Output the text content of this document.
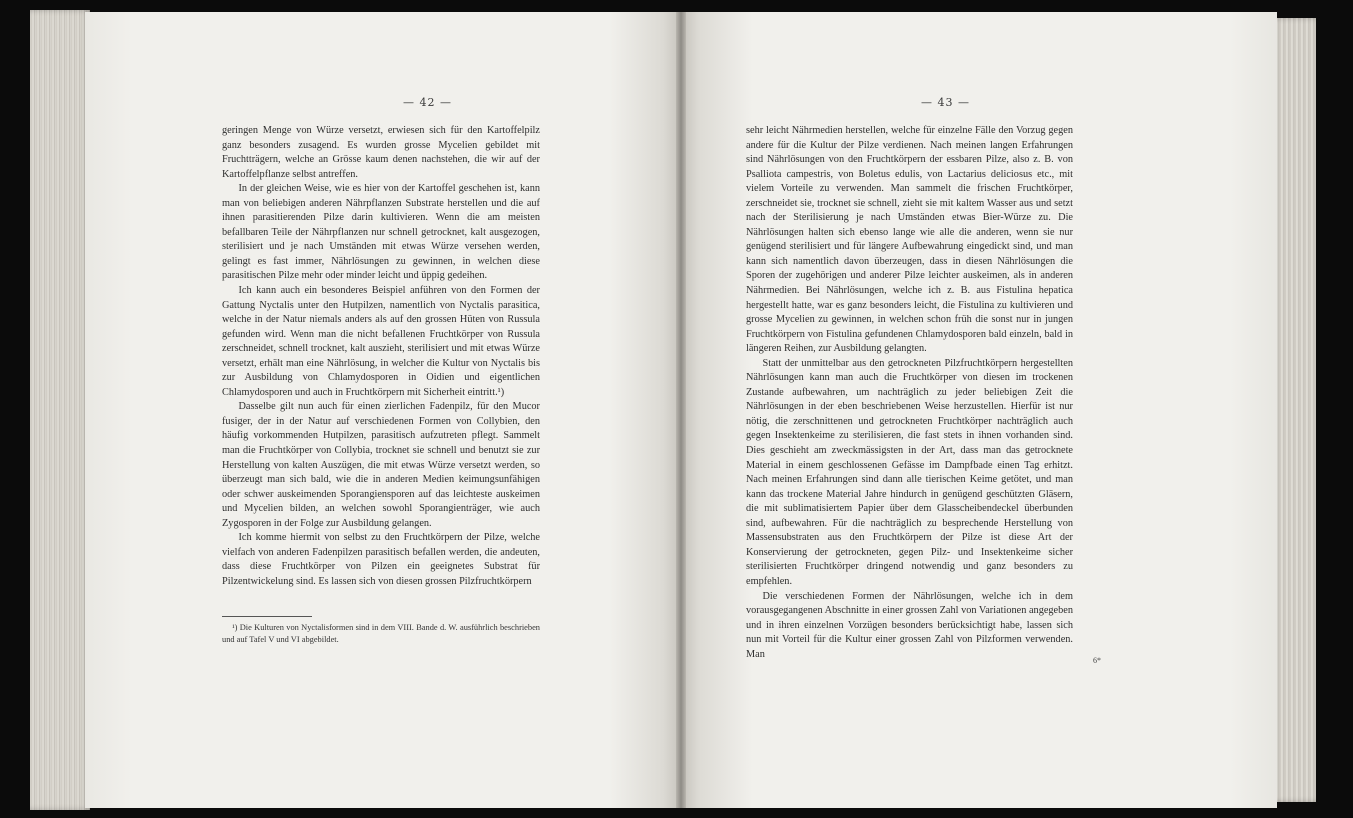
— 42 —

geringen Menge von Würze versetzt, erwiesen sich für den Kartoffelpilz ganz besonders zusagend. Es wurden grosse Mycelien gebildet mit Fruchtträgern, welche an Grösse kaum denen nachstehen, die wir auf der Kartoffelpflanze selbst antreffen.

In der gleichen Weise, wie es hier von der Kartoffel geschehen ist, kann man von beliebigen anderen Nährpflanzen Substrate herstellen und die auf ihnen parasitierenden Pilze darin kultivieren. Wenn die am meisten befallbaren Teile der Nährpflanzen nur schnell getrocknet, kalt ausgezogen, sterilisiert und je nach Umständen mit etwas Würze versehen werden, gelingt es fast immer, Nährlösungen zu gewinnen, in welchen diese parasitischen Pilze mehr oder minder leicht und üppig gedeihen.

Ich kann auch ein besonderes Beispiel anführen von den Formen der Gattung Nyctalis unter den Hutpilzen, namentlich von Nyctalis parasitica, welche in der Natur niemals anders als auf den grossen Hüten von Russula gefunden wird. Wenn man die nicht befallenen Fruchtkörper von Russula zerschneidet, schnell trocknet, kalt auszieht, sterilisiert und mit etwas Würze versetzt, erhält man eine Nährlösung, in welcher die Kultur von Nyctalis bis zur Ausbildung von Chlamydosporen in Oidien und eigentlichen Chlamydosporen und auch in Fruchtkörpern mit Sicherheit eintritt.¹)

Dasselbe gilt nun auch für einen zierlichen Fadenpilz, für den Mucor fusiger, der in der Natur auf verschiedenen Formen von Collybien, den häufig vorkommenden Hutpilzen, parasitisch aufzutreten pflegt. Sammelt man die Fruchtkörper von Collybia, trocknet sie schnell und benutzt sie zur Herstellung von kalten Auszügen, die mit etwas Würze versetzt werden, so überzeugt man sich bald, wie die in anderen Medien keimungsunfähigen oder schwer auskeimenden Sporangiensporen auf das leichteste auskeimen und Mycelien bilden, an welchen sowohl Sporangienträger, wie auch Zygosporen in der Folge zur Ausbildung gelangen.

Ich komme hiermit von selbst zu den Fruchtkörpern der Pilze, welche vielfach von anderen Fadenpilzen parasitisch befallen werden, die andeuten, dass diese Fruchtkörper von Pilzen ein geeignetes Substrat für Pilzentwickelung sind. Es lassen sich von diesen grossen Pilzfruchtkörpern

¹) Die Kulturen von Nyctalisformen sind in dem VIII. Bande d. W. ausführlich beschrieben und auf Tafel V und VI abgebildet.
— 43 —

sehr leicht Nährmedien herstellen, welche für einzelne Fälle den Vorzug gegen andere für die Kultur der Pilze verdienen. Nach meinen langen Erfahrungen sind Nährlösungen von den Fruchtkörpern der essbaren Pilze, also z. B. von Psalliota campestris, von Boletus edulis, von Lactarius deliciosus etc., mit vielem Vorteile zu verwenden. Man sammelt die frischen Fruchtkörper, zerschneidet sie, trocknet sie schnell, zieht sie mit kaltem Wasser aus und setzt nach der Sterilisierung je nach Umständen etwas Bier-Würze zu. Die Nährlösungen halten sich ebenso lange wie alle die anderen, wenn sie nur genügend sterilisiert und für längere Aufbewahrung eingedickt sind, und man kann sich namentlich davon überzeugen, dass in diesen Nährlösungen die Sporen der zugehörigen und anderer Pilze leichter auskeimen, als in anderen Nährmedien. Bei Nährlösungen, welche ich z. B. aus Fistulina hepatica hergestellt hatte, war es ganz besonders leicht, die Fistulina zu kultivieren und grosse Mycelien zu gewinnen, in welchen schon früh die sonst nur in jungen Fruchtkörpern von Fistulina gefundenen Chlamydosporen bald einzeln, bald in längeren Reihen, zur Ausbildung gelangten.

Statt der unmittelbar aus den getrockneten Pilzfruchtkörpern hergestellten Nährlösungen kann man auch die Fruchtkörper von diesen im trockenen Zustande aufbewahren, um nachträglich zu jeder beliebigen Zeit die Nährlösungen in der eben beschriebenen Weise herzustellen. Hierfür ist nur nötig, die zerschnittenen und getrockneten Fruchtkörper nachträglich auch gegen Insektenkeime zu sterilisieren, die fast stets in ihnen vorhanden sind. Dies geschieht am zweckmässigsten in der Art, dass man das getrocknete Material in einem geschlossenen Gefässe im Dampfbade einen Tag erhitzt. Nach meinen Erfahrungen sind dann alle tierischen Keime getötet, und man kann das trockene Material Jahre hindurch in genügend geschützten Gläsern, die mit sublimatisiertem Papier über dem Glasscheibendeckel überbunden sind, aufbewahren. Für die nachträglich zu besprechende Herstellung von Massensubstraten aus den Fruchtkörpern der Pilze ist diese Art der Konservierung der getrockneten, gegen Pilz- und Insektenkeime sicher sterilisierten Fruchtkörper dringend notwendig und ganz besonders zu empfehlen.

Die verschiedenen Formen der Nährlösungen, welche ich in dem vorausgegangenen Abschnitte in einer grossen Zahl von Variationen angegeben und in ihren einzelnen Vorzügen besonders berücksichtigt habe, lassen sich nun mit Vorteil für die Kultur einer grossen Zahl von Pilzformen verwenden. Man

6*
